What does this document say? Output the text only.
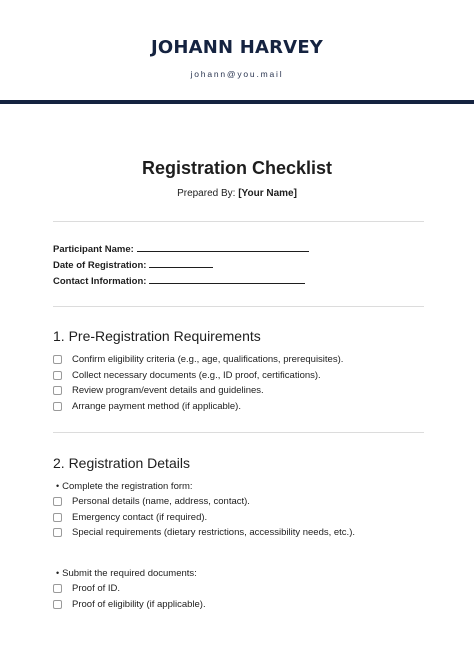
JOHANN HARVEY
johann@you.mail
Registration Checklist
Prepared By: [Your Name]
Participant Name:
Date of Registration:
Contact Information:
1. Pre-Registration Requirements
Confirm eligibility criteria (e.g., age, qualifications, prerequisites).
Collect necessary documents (e.g., ID proof, certifications).
Review program/event details and guidelines.
Arrange payment method (if applicable).
2. Registration Details
• Complete the registration form:
Personal details (name, address, contact).
Emergency contact (if required).
Special requirements (dietary restrictions, accessibility needs, etc.).
• Submit the required documents:
Proof of ID.
Proof of eligibility (if applicable).
